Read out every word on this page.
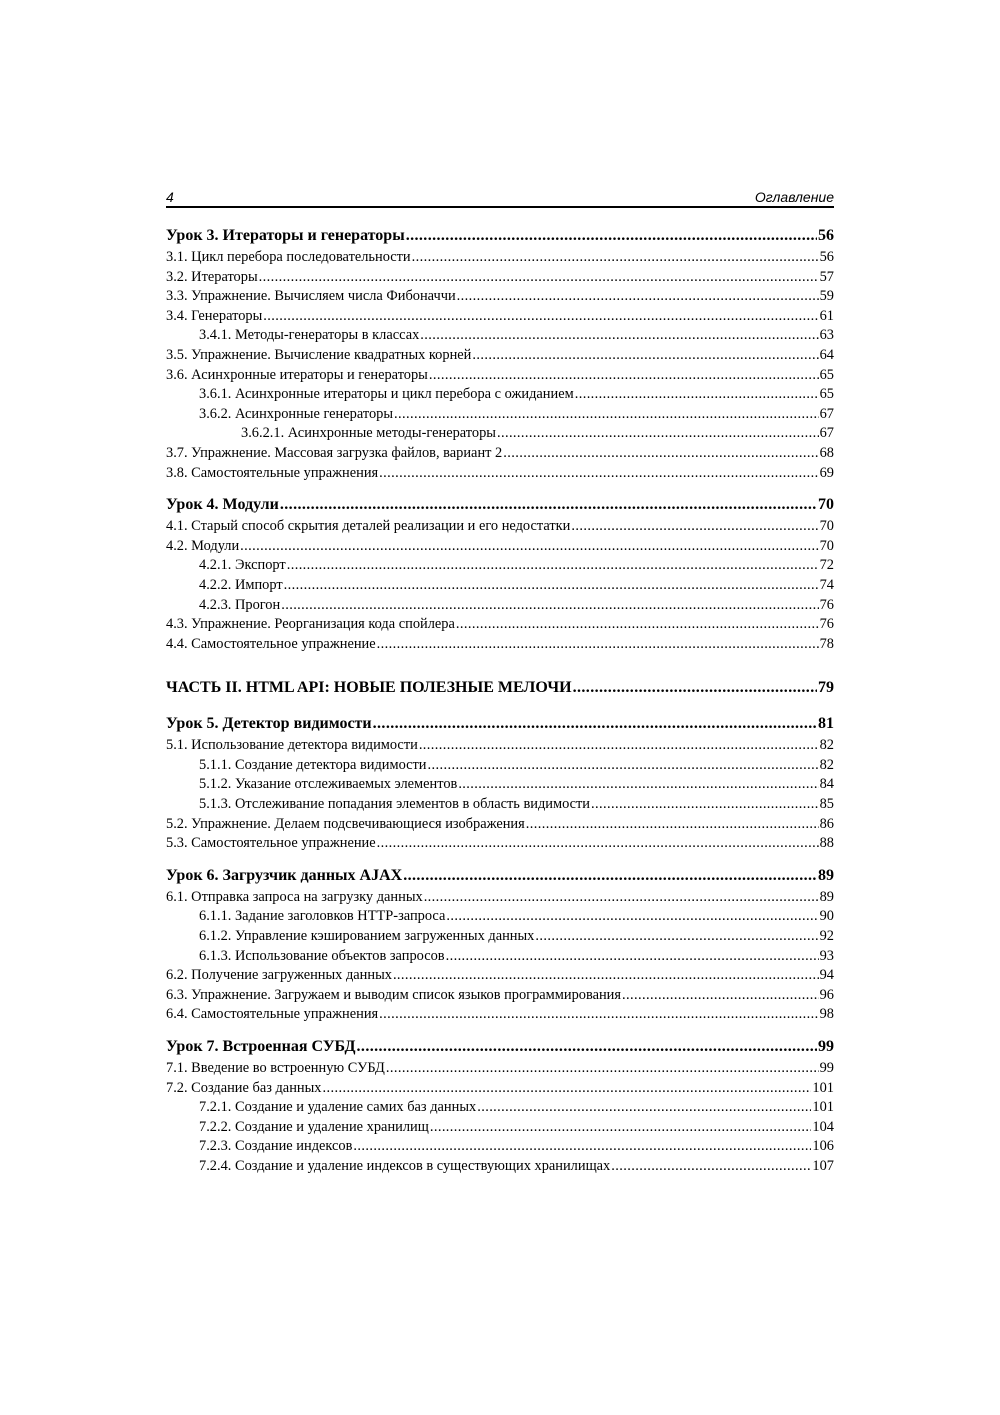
4	Оглавление
Урок 3. Итераторы и генераторы . . .	56
3.1. Цикл перебора последовательности . . .	56
3.2. Итераторы . . .	57
3.3. Упражнение. Вычисляем числа Фибоначчи . . .	59
3.4. Генераторы . . .	61
3.4.1. Методы-генераторы в классах . . .	63
3.5. Упражнение. Вычисление квадратных корней . . .	64
3.6. Асинхронные итераторы и генераторы . . .	65
3.6.1. Асинхронные итераторы и цикл перебора с ожиданием . . .	65
3.6.2. Асинхронные генераторы . . .	67
3.6.2.1. Асинхронные методы-генераторы . . .	67
3.7. Упражнение. Массовая загрузка файлов, вариант 2 . . .	68
3.8. Самостоятельные упражнения . . .	69
Урок 4. Модули . . .	70
4.1. Старый способ скрытия деталей реализации и его недостатки . . .	70
4.2. Модули . . .	70
4.2.1. Экспорт . . .	72
4.2.2. Импорт . . .	74
4.2.3. Прогон . . .	76
4.3. Упражнение. Реорганизация кода спойлера . . .	76
4.4. Самостоятельное упражнение . . .	78
ЧАСТЬ II. HTML API: НОВЫЕ ПОЛЕЗНЫЕ МЕЛОЧИ . . .	79
Урок 5. Детектор видимости . . .	81
5.1. Использование детектора видимости . . .	82
5.1.1. Создание детектора видимости . . .	82
5.1.2. Указание отслеживаемых элементов . . .	84
5.1.3. Отслеживание попадания элементов в область видимости . . .	85
5.2. Упражнение. Делаем подсвечивающиеся изображения . . .	86
5.3. Самостоятельное упражнение . . .	88
Урок 6. Загрузчик данных AJAX . . .	89
6.1. Отправка запроса на загрузку данных . . .	89
6.1.1. Задание заголовков HTTP-запроса . . .	90
6.1.2. Управление кэшированием загруженных данных . . .	92
6.1.3. Использование объектов запросов . . .	93
6.2. Получение загруженных данных . . .	94
6.3. Упражнение. Загружаем и выводим список языков программирования . . .	96
6.4. Самостоятельные упражнения . . .	98
Урок 7. Встроенная СУБД . . .	99
7.1. Введение во встроенную СУБД . . .	99
7.2. Создание баз данных . . .	101
7.2.1. Создание и удаление самих баз данных . . .	101
7.2.2. Создание и удаление хранилищ . . .	104
7.2.3. Создание индексов . . .	106
7.2.4. Создание и удаление индексов в существующих хранилищах . . .	107
